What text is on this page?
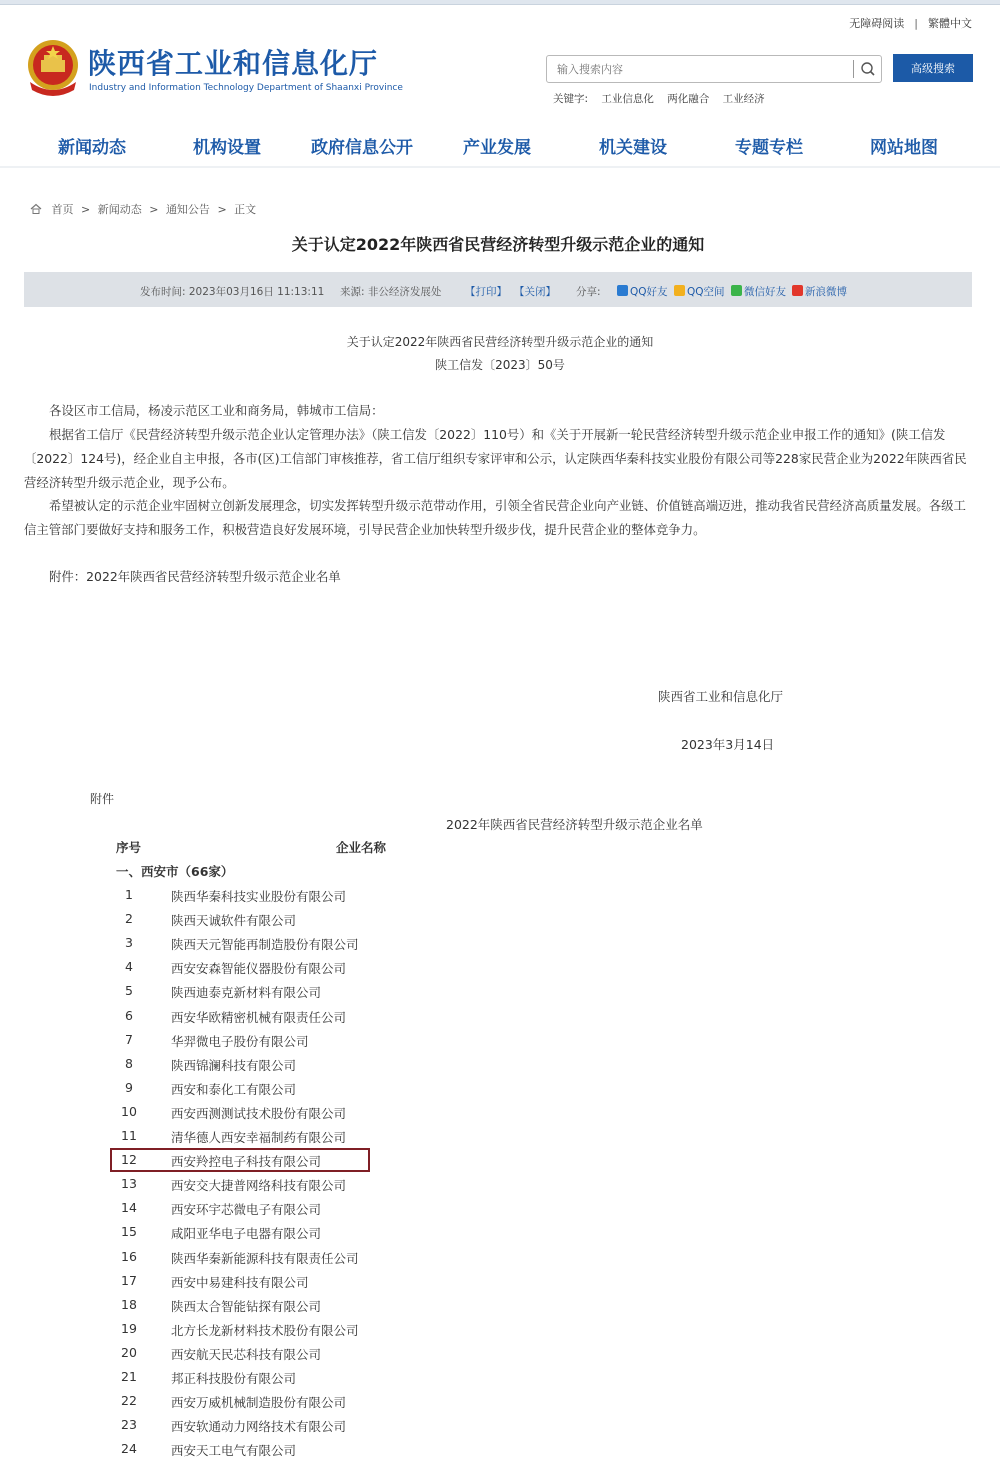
无障碍阅读 | 繁體中文
陕西省工业和信息化厅
Industry and Information Technology Department of Shaanxi Province
输入搜索内容
高级搜索
关键字: 工业信息化 两化融合 工业经济
新闻动态	机构设置	政府信息公开	产业发展	机关建设	专题专栏	网站地图
首页 > 新闻动态 > 通知公告 > 正文
关于认定2022年陕西省民营经济转型升级示范企业的通知
发布时间: 2023年03月16日 11:13:11 来源: 非公经济发展处 【打印】 【关闭】 分享:	QQ好友	QQ空间	微信好友	新浪微博
关于认定2022年陕西省民营经济转型升级示范企业的通知
陕工信发〔2023〕50号
各设区市工信局，杨凌示范区工业和商务局，韩城市工信局：
根据省工信厅《民营经济转型升级示范企业认定管理办法》（陕工信发〔2022〕110号）和《关于开展新一轮民营经济转型升级示范企业申报工作的通知》(陕工信发〔2022〕124号)，经企业自主申报，各市(区)工信部门审核推荐，省工信厅组织专家评审和公示，认定陕西华秦科技实业股份有限公司等228家民营企业为2022年陕西省民营经济转型升级示范企业，现予公布。
希望被认定的示范企业牢固树立创新发展理念，切实发挥转型升级示范带动作用，引领全省民营企业向产业链、价值链高端迈进，推动我省民营经济高质量发展。各级工信主管部门要做好支持和服务工作，积极营造良好发展环境，引导民营企业加快转型升级步伐，提升民营企业的整体竞争力。
附件：2022年陕西省民营经济转型升级示范企业名单
陕西省工业和信息化厅
2023年3月14日
附件
2022年陕西省民营经济转型升级示范企业名单
序号	企业名称
一、西安市（66家）
1	陕西华秦科技实业股份有限公司
2	陕西天诚软件有限公司
3	陕西天元智能再制造股份有限公司
4	西安安森智能仪器股份有限公司
5	陕西迪泰克新材料有限公司
6	西安华欧精密机械有限责任公司
7	华羿微电子股份有限公司
8	陕西锦澜科技有限公司
9	西安和泰化工有限公司
10	西安西测测试技术股份有限公司
11	清华德人西安幸福制药有限公司
12	西安羚控电子科技有限公司
13	西安交大捷普网络科技有限公司
14	西安环宇芯微电子有限公司
15	咸阳亚华电子电器有限公司
16	陕西华秦新能源科技有限责任公司
17	西安中易建科技有限公司
18	陕西太合智能钻探有限公司
19	北方长龙新材料技术股份有限公司
20	西安航天民芯科技有限公司
21	邦正科技股份有限公司
22	西安万威机械制造股份有限公司
23	西安软通动力网络技术有限公司
24	西安天工电气有限公司
